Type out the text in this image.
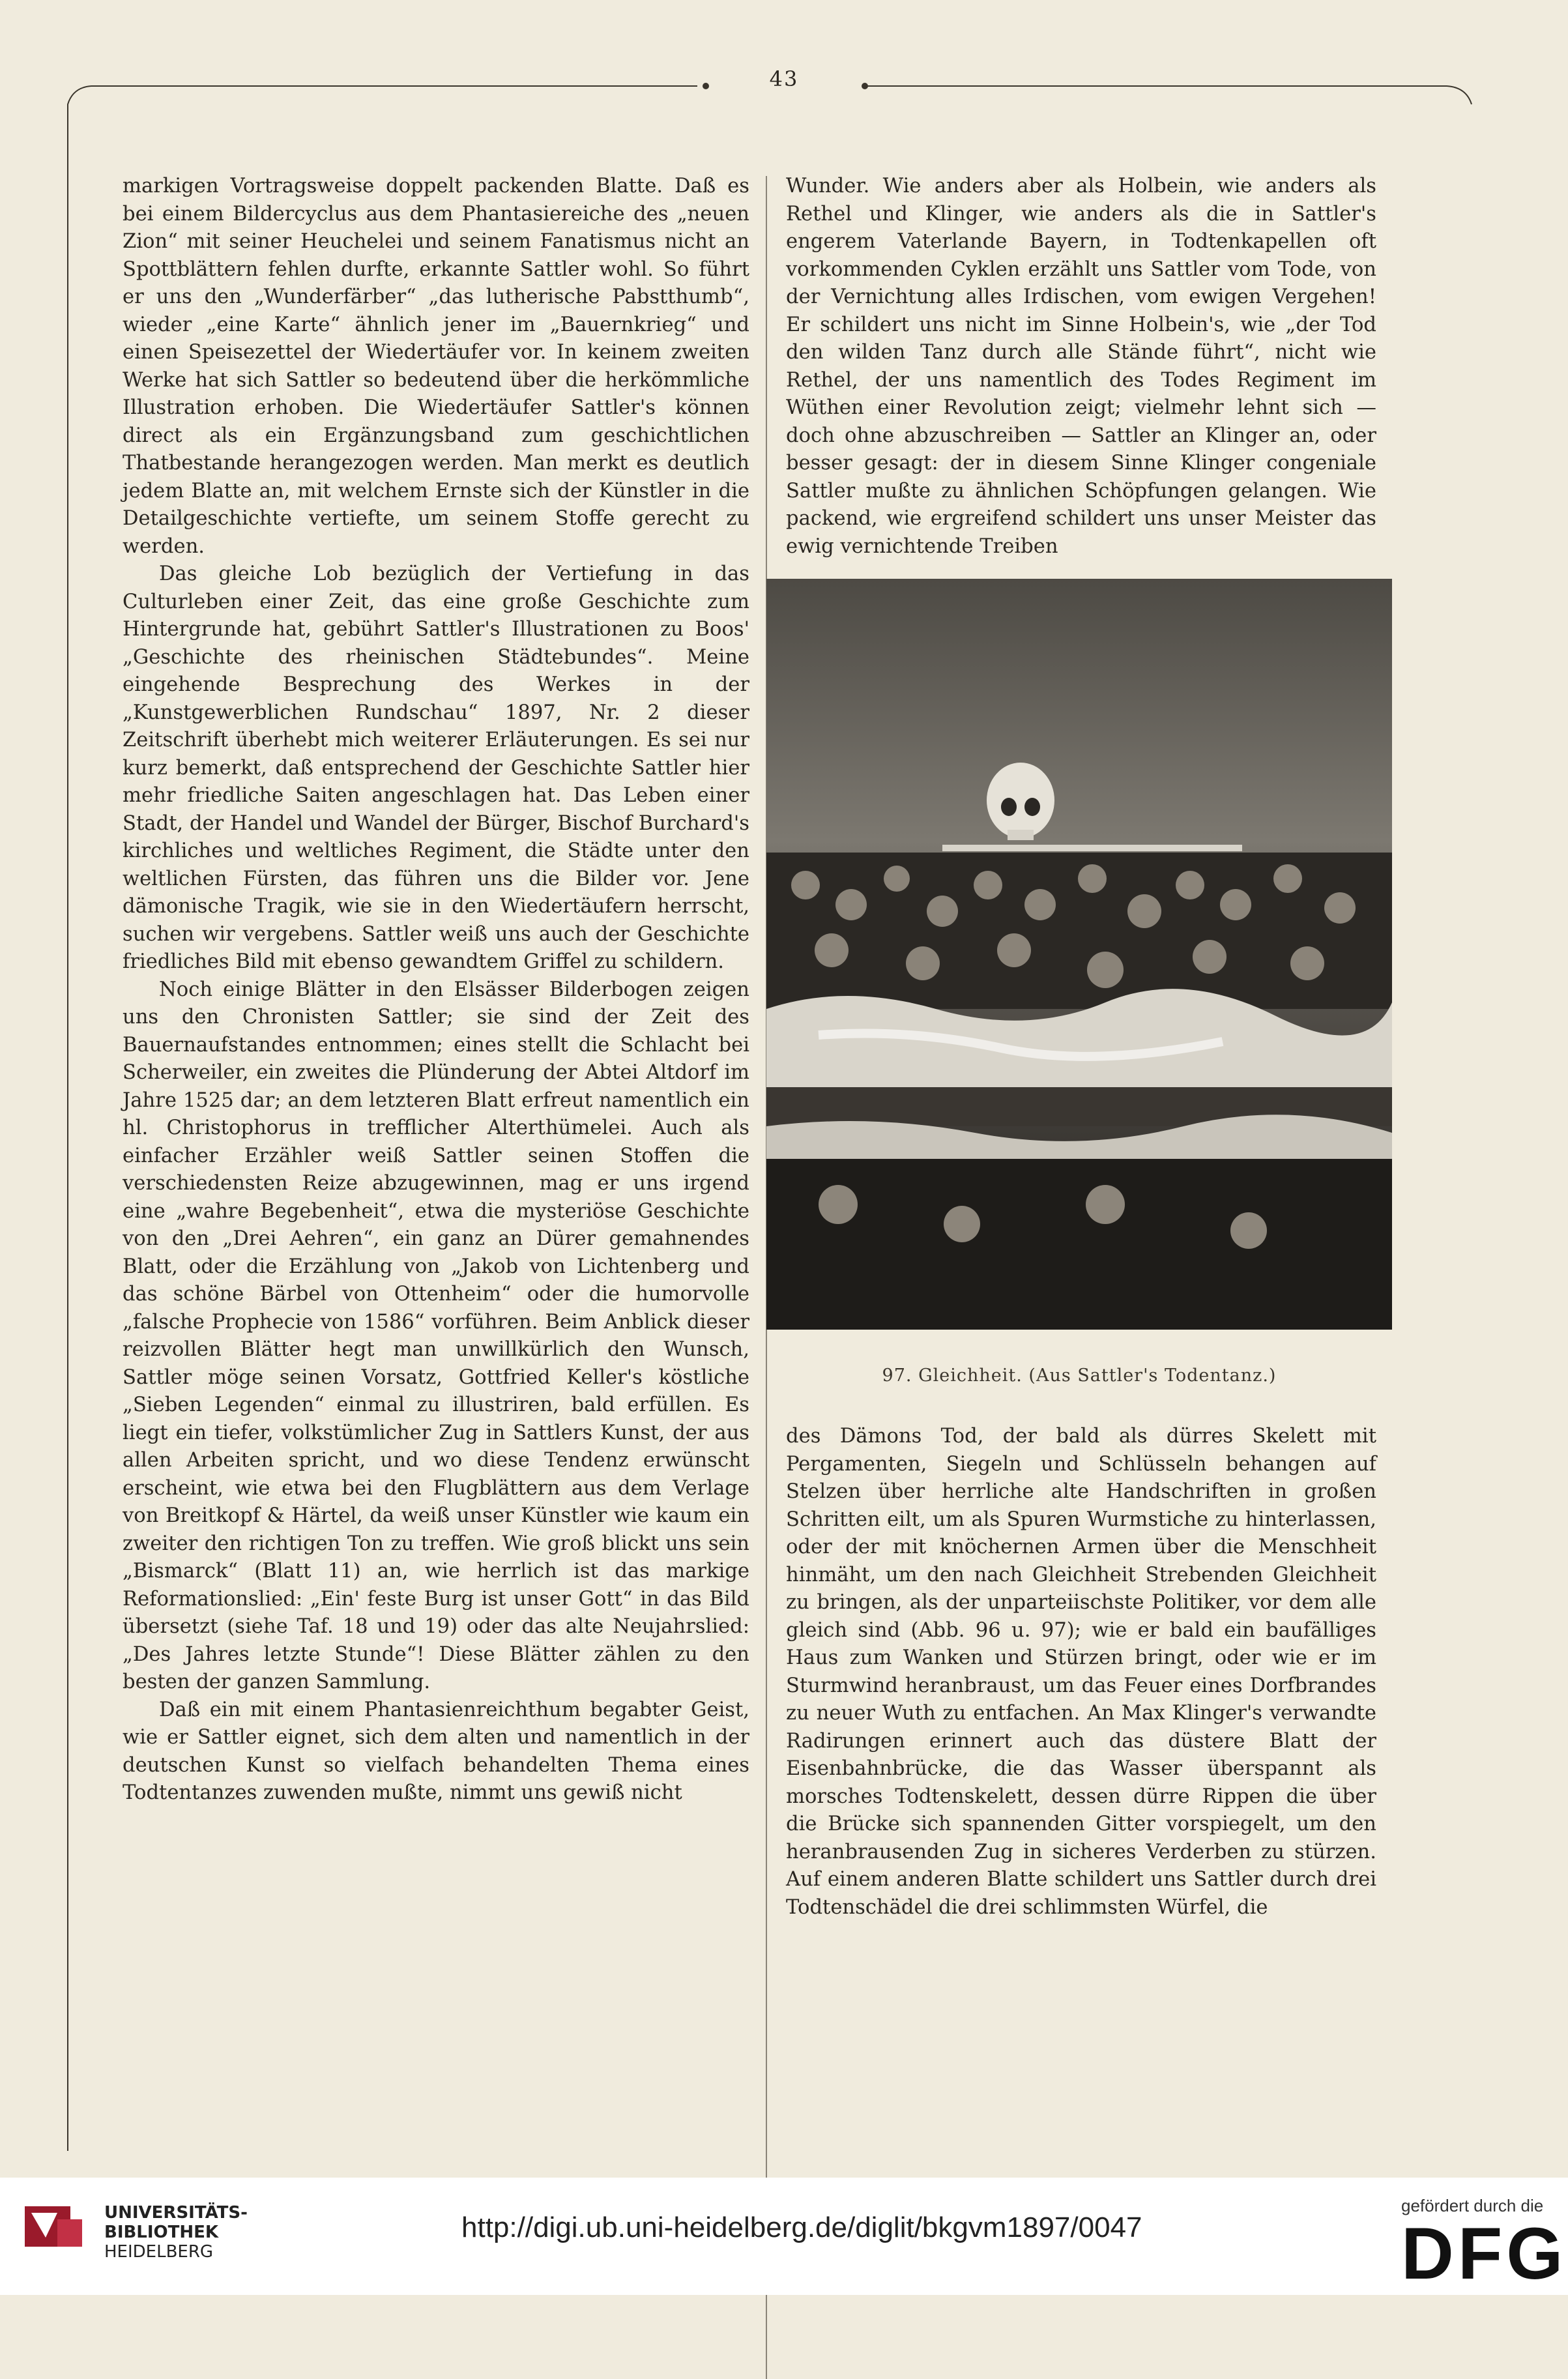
43

markigen Vortragsweise doppelt packenden Blatte. Daß es bei einem Bildercyclus aus dem Phantasiereiche des „neuen Zion“ mit seiner Heuchelei und seinem Fanatismus nicht an Spottblättern fehlen durfte, erkannte Sattler wohl. So führt er uns den „Wunderfärber“ „das lutherische Pabstthumb“, wieder „eine Karte“ ähnlich jener im „Bauernkrieg“ und einen Speisezettel der Wiedertäufer vor. In keinem zweiten Werke hat sich Sattler so bedeutend über die herkömmliche Illustration erhoben. Die Wiedertäufer Sattler's können direct als ein Ergänzungsband zum geschichtlichen Thatbestande herangezogen werden. Man merkt es deutlich jedem Blatte an, mit welchem Ernste sich der Künstler in die Detailgeschichte vertiefte, um seinem Stoffe gerecht zu werden.

Das gleiche Lob bezüglich der Vertiefung in das Culturleben einer Zeit, das eine große Geschichte zum Hintergrunde hat, gebührt Sattler's Illustrationen zu Boos' „Geschichte des rheinischen Städtebundes“. Meine eingehende Besprechung des Werkes in der „Kunstgewerblichen Rundschau“ 1897, Nr. 2 dieser Zeitschrift überhebt mich weiterer Erläuterungen. Es sei nur kurz bemerkt, daß entsprechend der Geschichte Sattler hier mehr friedliche Saiten angeschlagen hat. Das Leben einer Stadt, der Handel und Wandel der Bürger, Bischof Burchard's kirchliches und weltliches Regiment, die Städte unter den weltlichen Fürsten, das führen uns die Bilder vor. Jene dämonische Tragik, wie sie in den Wiedertäufern herrscht, suchen wir vergebens. Sattler weiß uns auch der Geschichte friedliches Bild mit ebenso gewandtem Griffel zu schildern.

Noch einige Blätter in den Elsässer Bilderbogen zeigen uns den Chronisten Sattler; sie sind der Zeit des Bauernaufstandes entnommen; eines stellt die Schlacht bei Scherweiler, ein zweites die Plünderung der Abtei Altdorf im Jahre 1525 dar; an dem letzteren Blatt erfreut namentlich ein hl. Christophorus in trefflicher Alterthümelei. Auch als einfacher Erzähler weiß Sattler seinen Stoffen die verschiedensten Reize abzugewinnen, mag er uns irgend eine „wahre Begebenheit“, etwa die mysteriöse Geschichte von den „Drei Aehren“, ein ganz an Dürer gemahnendes Blatt, oder die Erzählung von „Jakob von Lichtenberg und das schöne Bärbel von Ottenheim“ oder die humorvolle „falsche Prophecie von 1586“ vorführen. Beim Anblick dieser reizvollen Blätter hegt man unwillkürlich den Wunsch, Sattler möge seinen Vorsatz, Gottfried Keller's köstliche „Sieben Legenden“ einmal zu illustriren, bald erfüllen. Es liegt ein tiefer, volkstümlicher Zug in Sattlers Kunst, der aus allen Arbeiten spricht, und wo diese Tendenz erwünscht erscheint, wie etwa bei den Flugblättern aus dem Verlage von Breitkopf & Härtel, da weiß unser Künstler wie kaum ein zweiter den richtigen Ton zu treffen. Wie groß blickt uns sein „Bismarck“ (Blatt 11) an, wie herrlich ist das markige Reformationslied: „Ein' feste Burg ist unser Gott“ in das Bild übersetzt (siehe Taf. 18 und 19) oder das alte Neujahrslied: „Des Jahres letzte Stunde“! Diese Blätter zählen zu den besten der ganzen Sammlung.

Daß ein mit einem Phantasienreichthum begabter Geist, wie er Sattler eignet, sich dem alten und namentlich in der deutschen Kunst so vielfach behandelten Thema eines Todtentanzes zuwenden mußte, nimmt uns gewiß nicht

Wunder. Wie anders aber als Holbein, wie anders als Rethel und Klinger, wie anders als die in Sattler's engerem Vaterlande Bayern, in Todtenkapellen oft vorkommenden Cyklen erzählt uns Sattler vom Tode, von der Vernichtung alles Irdischen, vom ewigen Vergehen! Er schildert uns nicht im Sinne Holbein's, wie „der Tod den wilden Tanz durch alle Stände führt“, nicht wie Rethel, der uns namentlich des Todes Regiment im Wüthen einer Revolution zeigt; vielmehr lehnt sich — doch ohne abzuschreiben — Sattler an Klinger an, oder besser gesagt: der in diesem Sinne Klinger congeniale Sattler mußte zu ähnlichen Schöpfungen gelangen. Wie packend, wie ergreifend schildert uns unser Meister das ewig vernichtende Treiben

97. Gleichheit. (Aus Sattler's Todentanz.)

des Dämons Tod, der bald als dürres Skelett mit Pergamenten, Siegeln und Schlüsseln behangen auf Stelzen über herrliche alte Handschriften in großen Schritten eilt, um als Spuren Wurmstiche zu hinterlassen, oder der mit knöchernen Armen über die Menschheit hinmäht, um den nach Gleichheit Strebenden Gleichheit zu bringen, als der unparteiischste Politiker, vor dem alle gleich sind (Abb. 96 u. 97); wie er bald ein baufälliges Haus zum Wanken und Stürzen bringt, oder wie er im Sturmwind heranbraust, um das Feuer eines Dorfbrandes zu neuer Wuth zu entfachen. An Max Klinger's verwandte Radirungen erinnert auch das düstere Blatt der Eisenbahnbrücke, die das Wasser überspannt als morsches Todtenskelett, dessen dürre Rippen die über die Brücke sich spannenden Gitter vorspiegelt, um den heranbrausenden Zug in sicheres Verderben zu stürzen. Auf einem anderen Blatte schildert uns Sattler durch drei Todtenschädel die drei schlimmsten Würfel, die

UNIVERSITÄTS-
BIBLIOTHEK
HEIDELBERG
http://digi.ub.uni-heidelberg.de/diglit/bkgvm1897/0047
gefördert durch die
DFG
